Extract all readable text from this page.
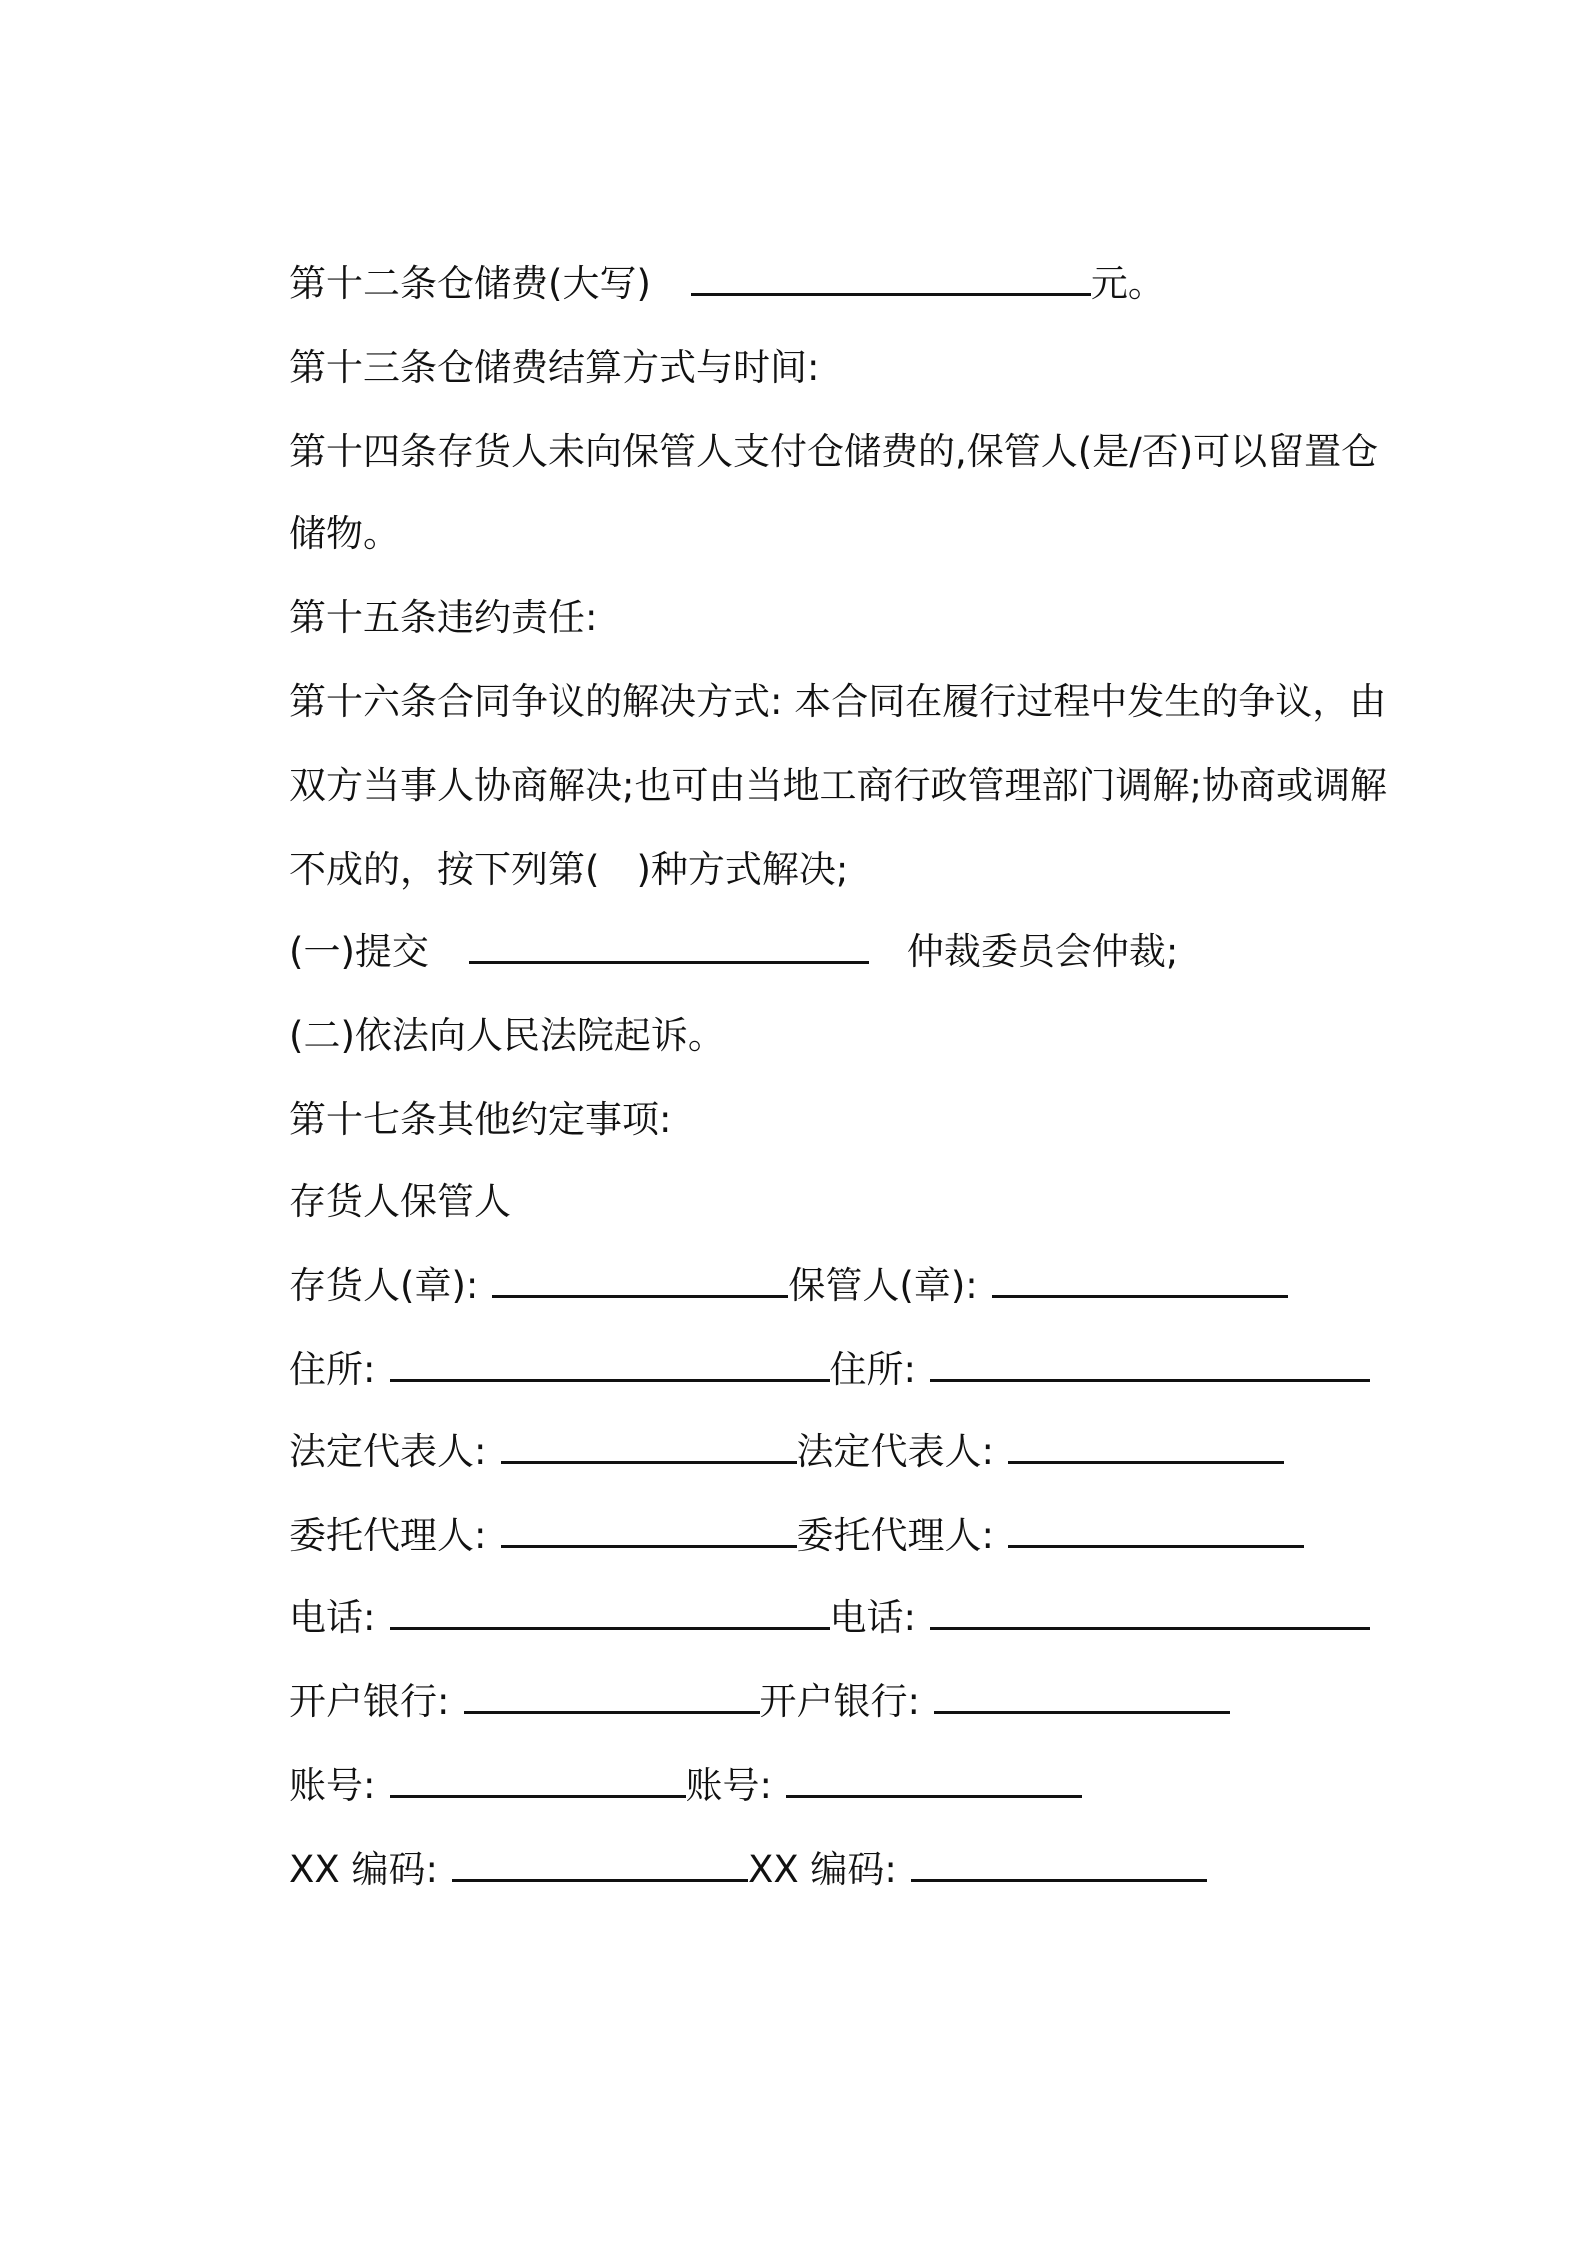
第十二条仓储费(大写)	元。

第十三条仓储费结算方式与时间:

第十四条存货人未向保管人支付仓储费的,保管人(是/否)可以留置仓

储物。

第十五条违约责任:

第十六条合同争议的解决方式: 本合同在履行过程中发生的争议，由

双方当事人协商解决;也可由当地工商行政管理部门调解;协商或调解

不成的，按下列第(　)种方式解决;

(一)提交	仲裁委员会仲裁;

(二)依法向人民法院起诉。

第十七条其他约定事项:

存货人保管人

存货人(章):	保管人(章):

住所:	住所:

法定代表人:	法定代表人:

委托代理人:	委托代理人:

电话:	电话:

开户银行:	开户银行:

账号:	账号:

XX 编码:	XX 编码:
